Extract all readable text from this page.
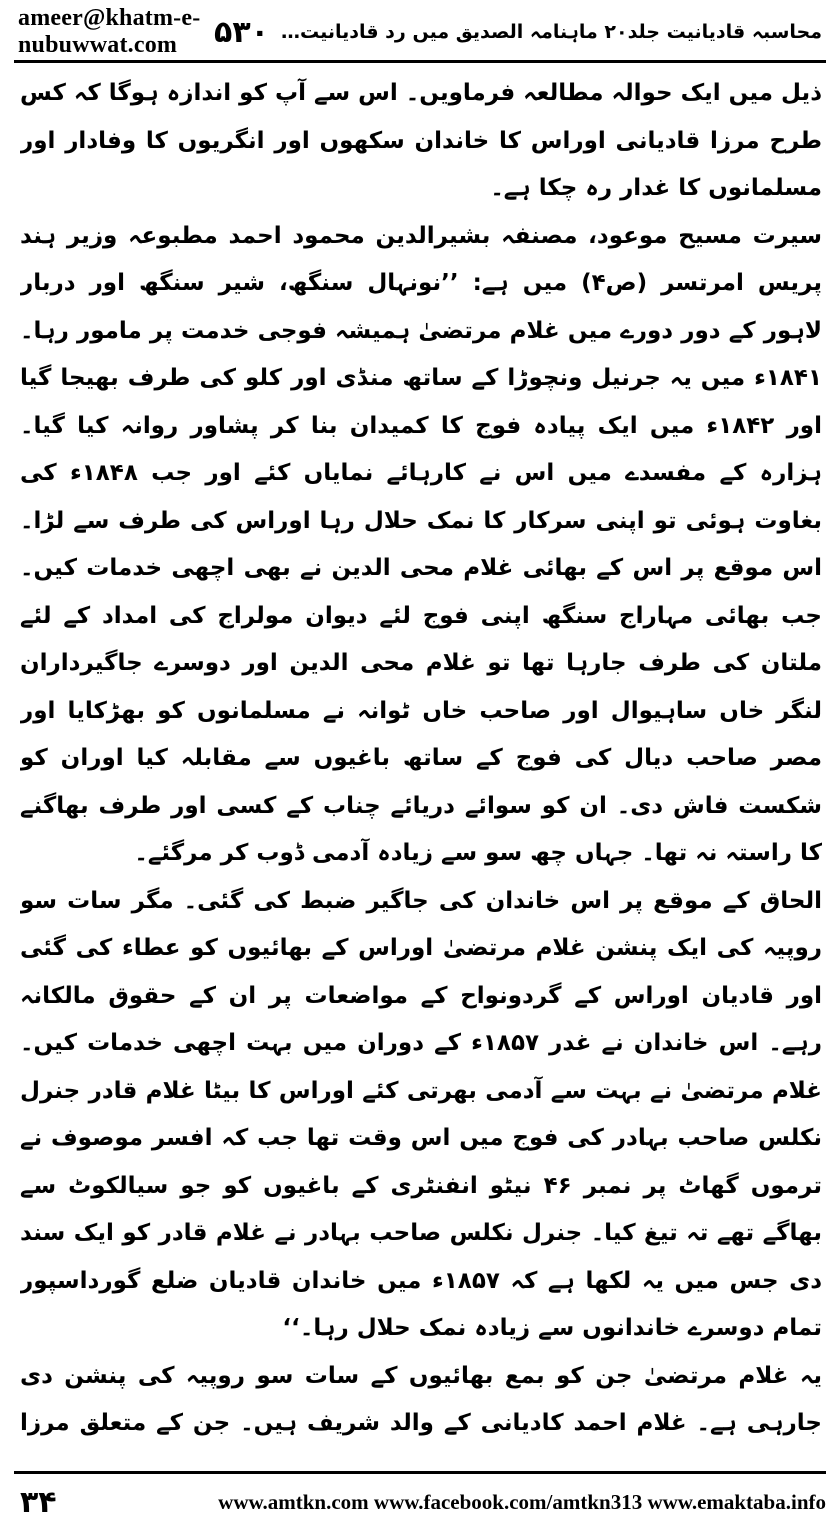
ameer@khatm-e-nubuwwat.com	۵۳۰ محاسبہ قادیانیت جلد۲۰ ماہنامہ الصدیق میں رد قادیانیت…

ذیل میں ایک حوالہ مطالعہ فرماویں۔ اس سے آپ کو اندازہ ہوگا کہ کس طرح مرزا قادیانی اوراس کا خاندان سکھوں اور انگریوں کا وفادار اور مسلمانوں کا غدار رہ چکا ہے۔

سیرت مسیح موعود، مصنفہ بشیرالدین محمود احمد مطبوعہ وزیر ہند پریس امرتسر (ص۴) میں ہے: ’’نونہال سنگھ، شیر سنگھ اور دربار لاہور کے دور دورے میں غلام مرتضیٰ ہمیشہ فوجی خدمت پر مامور رہا۔ ۱۸۴۱ء میں یہ جرنیل ونچوڑا کے ساتھ منڈی اور کلو کی طرف بھیجا گیا اور ۱۸۴۲ء میں ایک پیادہ فوج کا کمیدان بنا کر پشاور روانہ کیا گیا۔ ہزارہ کے مفسدے میں اس نے کارہائے نمایاں کئے اور جب ۱۸۴۸ء کی بغاوت ہوئی تو اپنی سرکار کا نمک حلال رہا اوراس کی طرف سے لڑا۔ اس موقع پر اس کے بھائی غلام محی الدین نے بھی اچھی خدمات کیں۔ جب بھائی مہاراج سنگھ اپنی فوج لئے دیوان مولراج کی امداد کے لئے ملتان کی طرف جارہا تھا تو غلام محی الدین اور دوسرے جاگیرداران لنگر خاں ساہیوال اور صاحب خاں ٹوانہ نے مسلمانوں کو بھڑکایا اور مصر صاحب دیال کی فوج کے ساتھ باغیوں سے مقابلہ کیا اوران کو شکست فاش دی۔ ان کو سوائے دریائے چناب کے کسی اور طرف بھاگنے کا راستہ نہ تھا۔ جہاں چھ سو سے زیادہ آدمی ڈوب کر مرگئے۔

الحاق کے موقع پر اس خاندان کی جاگیر ضبط کی گئی۔ مگر سات سو روپیہ کی ایک پنشن غلام مرتضیٰ اوراس کے بھائیوں کو عطاء کی گئی اور قادیان اوراس کے گردونواح کے مواضعات پر ان کے حقوق مالکانہ رہے۔ اس خاندان نے غدر ۱۸۵۷ء کے دوران میں بہت اچھی خدمات کیں۔ غلام مرتضیٰ نے بہت سے آدمی بھرتی کئے اوراس کا بیٹا غلام قادر جنرل نکلس صاحب بہادر کی فوج میں اس وقت تھا جب کہ افسر موصوف نے ترموں گھاٹ پر نمبر ۴۶ نیٹو انفنٹری کے باغیوں کو جو سیالکوٹ سے بھاگے تھے تہ تیغ کیا۔ جنرل نکلس صاحب بہادر نے غلام قادر کو ایک سند دی جس میں یہ لکھا ہے کہ ۱۸۵۷ء میں خاندان قادیان ضلع گورداسپور تمام دوسرے خاندانوں سے زیادہ نمک حلال رہا۔‘‘

یہ غلام مرتضیٰ جن کو بمع بھائیوں کے سات سو روپیہ کی پنشن دی جارہی ہے۔ غلام احمد کادیانی کے والد شریف ہیں۔ جن کے متعلق مرزا

۳۴	www.amtkn.com www.facebook.com/amtkn313 www.emaktaba.info
